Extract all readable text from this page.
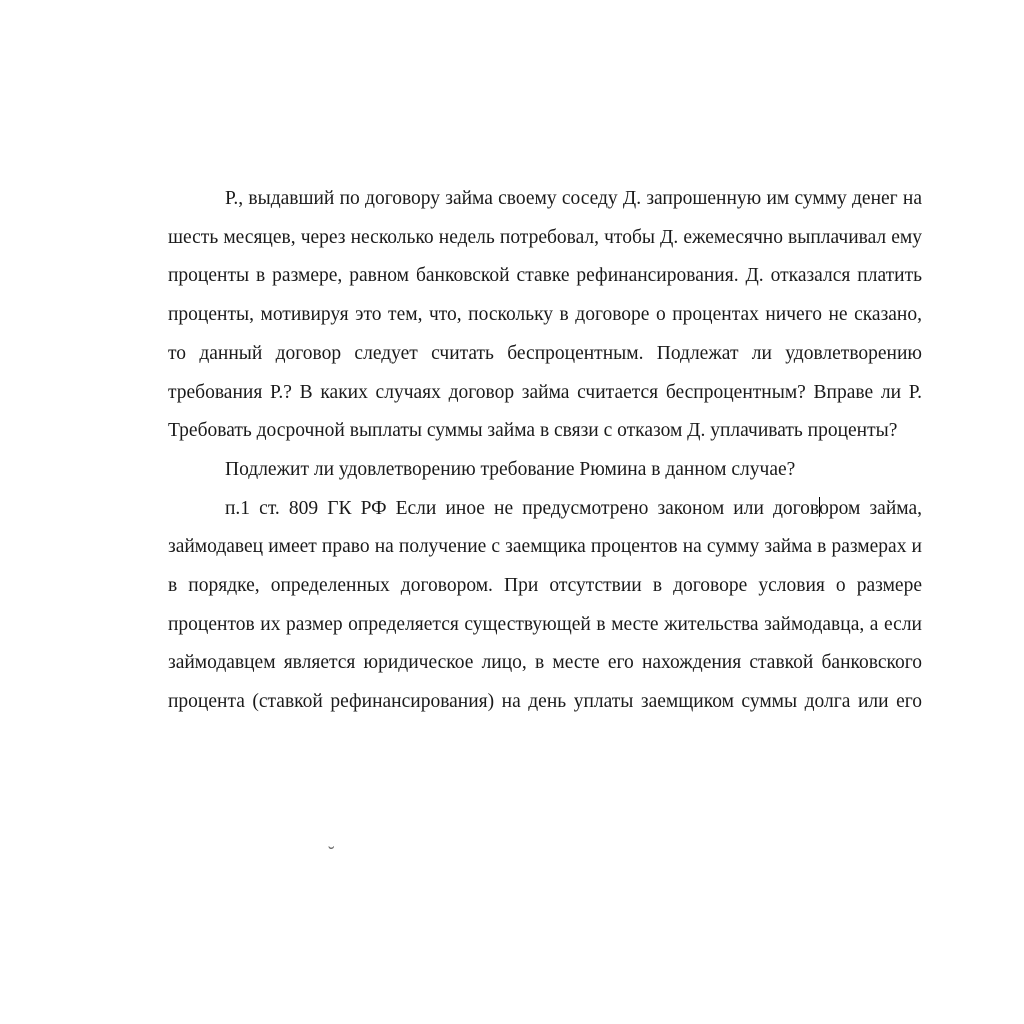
Р., выдавший по договору займа своему соседу Д. запрошенную им сумму денег на шесть месяцев, через несколько недель потребовал, чтобы Д. ежемесячно выплачивал ему проценты в размере, равном банковской ставке рефинансирования. Д. отказался платить проценты, мотивируя это тем, что, поскольку в договоре о процентах ничего не сказано, то данный договор следует считать беспроцентным. Подлежат ли удовлетворению требования Р.? В каких случаях договор займа считается беспроцентным? Вправе ли Р. Требовать досрочной выплаты суммы займа в связи с отказом Д. уплачивать проценты?

Подлежит ли удовлетворению требование Рюмина в данном случае?

п.1 ст. 809 ГК РФ Если иное не предусмотрено законом или договором займа, займодавец имеет право на получение с заемщика процентов на сумму займа в размерах и в порядке, определенных договором. При отсутствии в договоре условия о размере процентов их размер определяется существующей в месте жительства займодавца, а если займодавцем является юридическое лицо, в месте его нахождения ставкой банковского процента (ставкой рефинансирования) на день уплаты заемщиком суммы долга или его

˘
